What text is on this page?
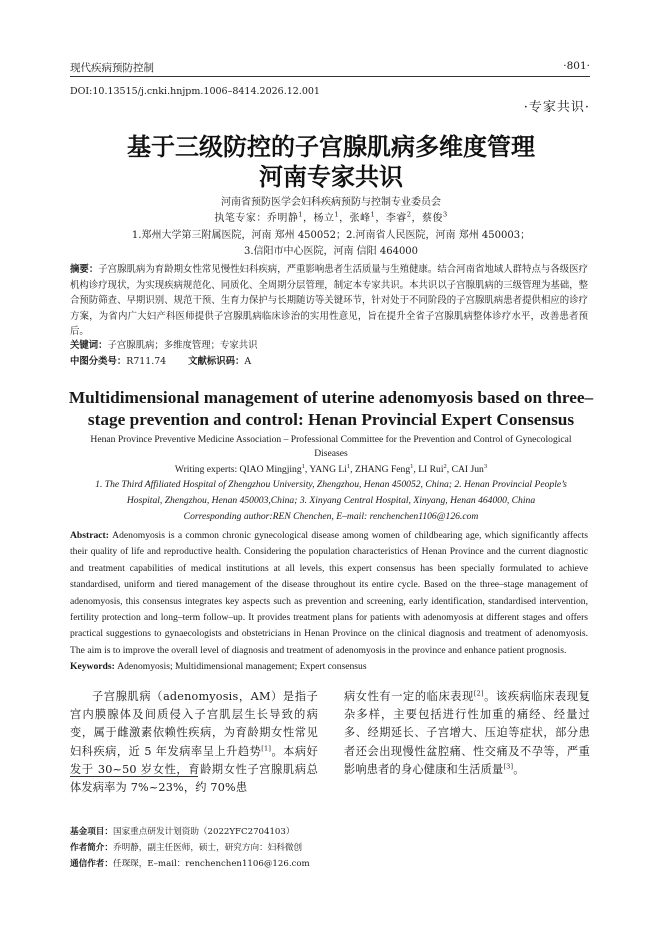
现代疾病预防控制	·801·
DOI:10.13515/j.cnki.hnjpm.1006–8414.2026.12.001
·专家共识·
基于三级防控的子宫腺肌病多维度管理
河南专家共识
河南省预防医学会妇科疾病预防与控制专业委员会
执笔专家：乔明静$^1$，杨立$^1$，张峰$^1$，李睿$^2$，蔡俊$^3$
1.郑州大学第三附属医院，河南 郑州 450052；2.河南省人民医院，河南 郑州 450003；
3.信阳市中心医院，河南 信阳 464000
摘要：子宫腺肌病为育龄期女性常见慢性妇科疾病，严重影响患者生活质量与生殖健康。结合河南省地域人群特点与各级医疗机构诊疗现状，为实现疾病规范化、同质化、全周期分层管理，制定本专家共识。本共识以子宫腺肌病的三级管理为基础，整合预防筛查、早期识别、规范干预、生育力保护与长期随访等关键环节，针对处于不同阶段的子宫腺肌病患者提供相应的诊疗方案，为省内广大妇产科医师提供子宫腺肌病临床诊治的实用性意见，旨在提升全省子宫腺肌病整体诊疗水平，改善患者预后。
关键词：子宫腺肌病；多维度管理；专家共识
中图分类号：R711.74 文献标识码：A
Multidimensional management of uterine adenomyosis based on three–
stage prevention and control: Henan Provincial Expert Consensus
Henan Province Preventive Medicine Association – Professional Committee for the Prevention and Control of Gynecological
Diseases
Writing experts: QIAO Mingjing$^1$, YANG Li$^1$, ZHANG Feng$^1$, LI Rui$^2$, CAI Jun$^3$
1. The Third Affiliated Hospital of Zhengzhou University, Zhengzhou, Henan 450052, China; 2. Henan Provincial People’s
Hospital, Zhengzhou, Henan 450003,China; 3. Xinyang Central Hospital, Xinyang, Henan 464000, China
Corresponding author:REN Chenchen, E–mail: renchenchen1106@126.com
Abstract: Adenomyosis is a common chronic gynecological disease among women of childbearing age, which significantly affects their quality of life and reproductive health. Considering the population characteristics of Henan Province and the current diagnostic and treatment capabilities of medical institutions at all levels, this expert consensus has been specially formulated to achieve standardised, uniform and tiered management of the disease throughout its entire cycle. Based on the three–stage management of adenomyosis, this consensus integrates key aspects such as prevention and screening, early identification, standardised intervention, fertility protection and long–term follow–up. It provides treatment plans for patients with adenomyosis at different stages and offers practical suggestions to gynaecologists and obstetricians in Henan Province on the clinical diagnosis and treatment of adenomyosis. The aim is to improve the overall level of diagnosis and treatment of adenomyosis in the province and enhance patient prognosis.
Keywords: Adenomyosis; Multidimensional management; Expert consensus
子宫腺肌病（adenomyosis，AM）是指子宫内膜腺体及间质侵入子宫肌层生长导致的病变，属于雌激素依赖性疾病，为育龄期女性常见妇科疾病，近 5 年发病率呈上升趋势[1]。本病好发于 30~50 岁女性，育龄期女性子宫腺肌病总体发病率为 7%~23%，约 70%患
病女性有一定的临床表现[2]。该疾病临床表现复杂多样，主要包括进行性加重的痛经、经量过多、经期延长、子宫增大、压迫等症状，部分患者还会出现慢性盆腔痛、性交痛及不孕等，严重影响患者的身心健康和生活质量[3]。
基金项目：国家重点研发计划资助（2022YFC2704103）
作者简介：乔明静，副主任医师，硕士，研究方向：妇科微创
通信作者：任琛琛，E–mail：renchenchen1106@126.com
